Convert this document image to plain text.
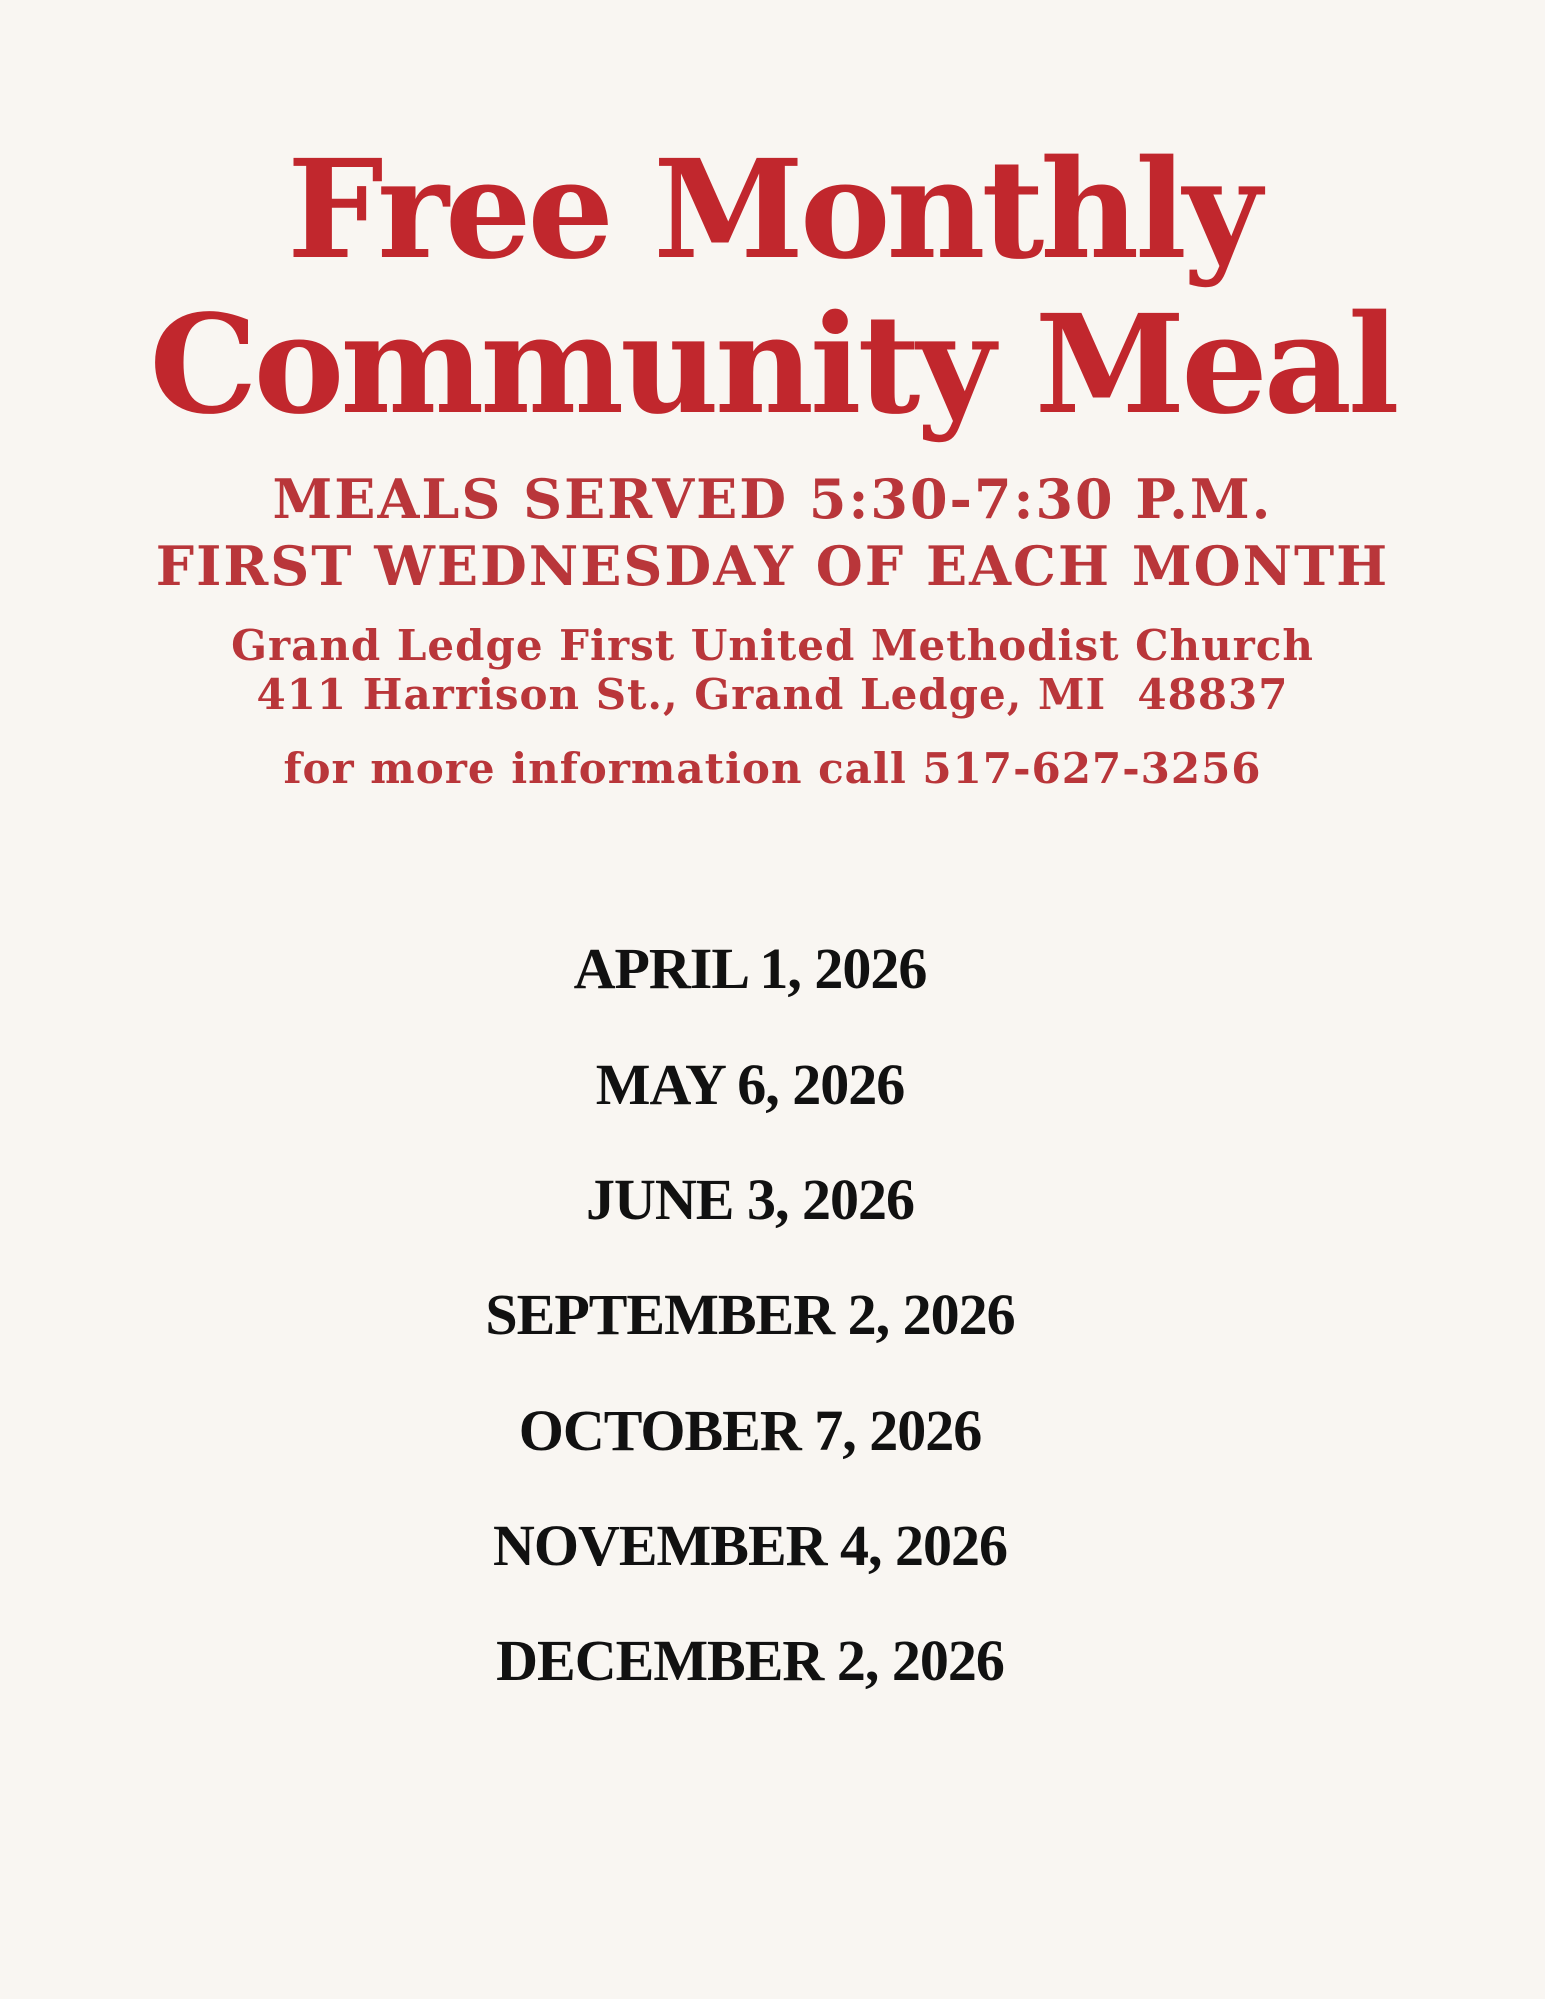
Free Monthly
Community Meal
MEALS SERVED 5:30-7:30 P.M.
FIRST WEDNESDAY OF EACH MONTH
Grand Ledge First United Methodist Church
411 Harrison St., Grand Ledge, MI  48837
for more information call 517-627-3256
APRIL 1, 2026
MAY 6, 2026
JUNE 3, 2026
SEPTEMBER 2, 2026
OCTOBER 7, 2026
NOVEMBER 4, 2026
DECEMBER 2, 2026
